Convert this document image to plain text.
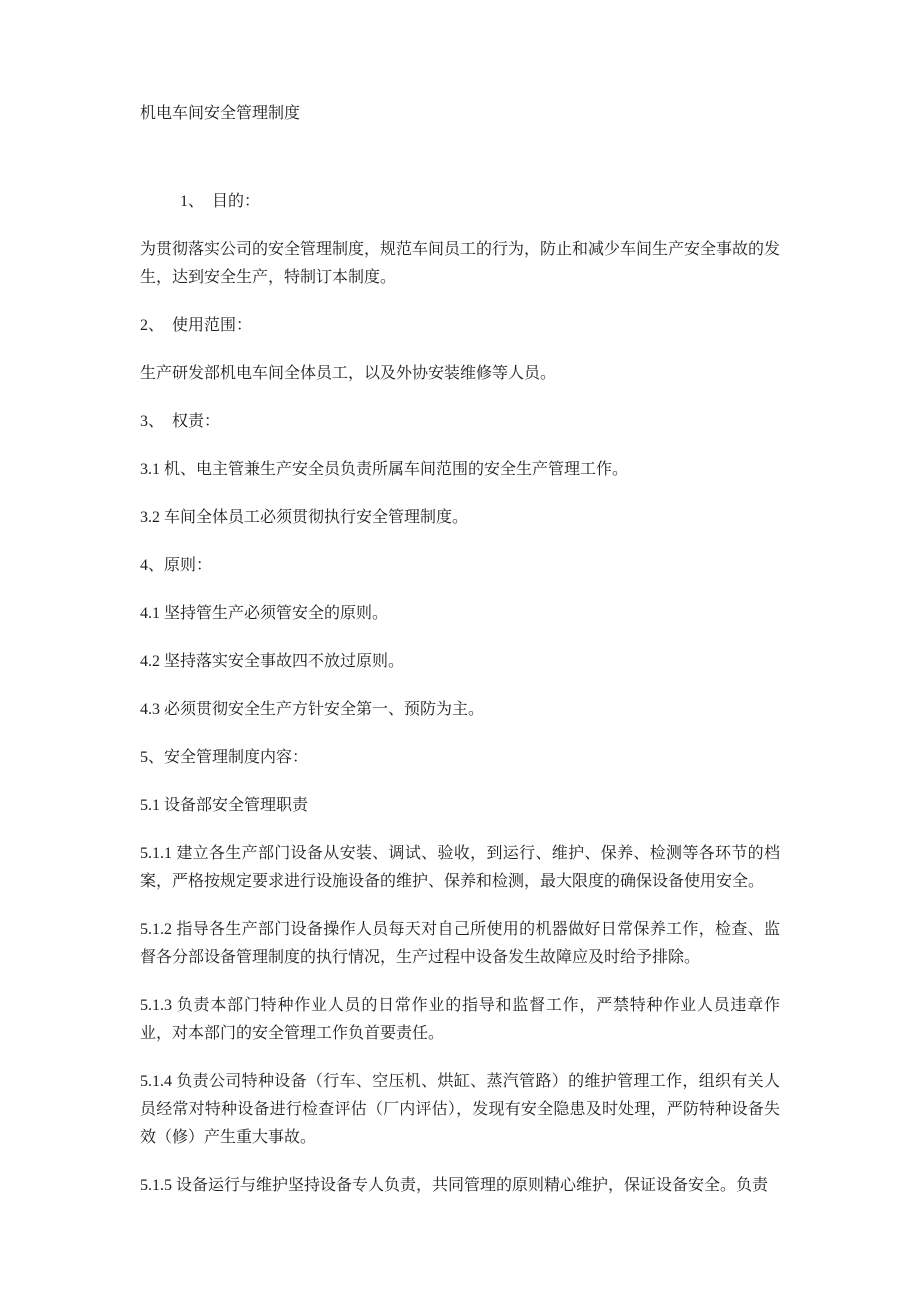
机电车间安全管理制度

1、　目的：

为贯彻落实公司的安全管理制度，规范车间员工的行为，防止和减少车间生产安全事故的发生，达到安全生产，特制订本制度。

2、　使用范围：

生产研发部机电车间全体员工，以及外协安装维修等人员。

3、　权责：

3.1 机、电主管兼生产安全员负责所属车间范围的安全生产管理工作。

3.2 车间全体员工必须贯彻执行安全管理制度。

4、原则：

4.1 坚持管生产必须管安全的原则。

4.2 坚持落实安全事故四不放过原则。

4.3 必须贯彻安全生产方针安全第一、预防为主。

5、安全管理制度内容：

5.1 设备部安全管理职责

5.1.1 建立各生产部门设备从安装、调试、验收，到运行、维护、保养、检测等各环节的档案，严格按规定要求进行设施设备的维护、保养和检测，最大限度的确保设备使用安全。

5.1.2 指导各生产部门设备操作人员每天对自己所使用的机器做好日常保养工作，检查、监督各分部设备管理制度的执行情况，生产过程中设备发生故障应及时给予排除。

5.1.3 负责本部门特种作业人员的日常作业的指导和监督工作，严禁特种作业人员违章作业，对本部门的安全管理工作负首要责任。

5.1.4 负责公司特种设备（行车、空压机、烘缸、蒸汽管路）的维护管理工作，组织有关人员经常对特种设备进行检查评估（厂内评估），发现有安全隐患及时处理，严防特种设备失效（修）产生重大事故。

5.1.5 设备运行与维护坚持设备专人负责，共同管理的原则精心维护，保证设备安全。负责
